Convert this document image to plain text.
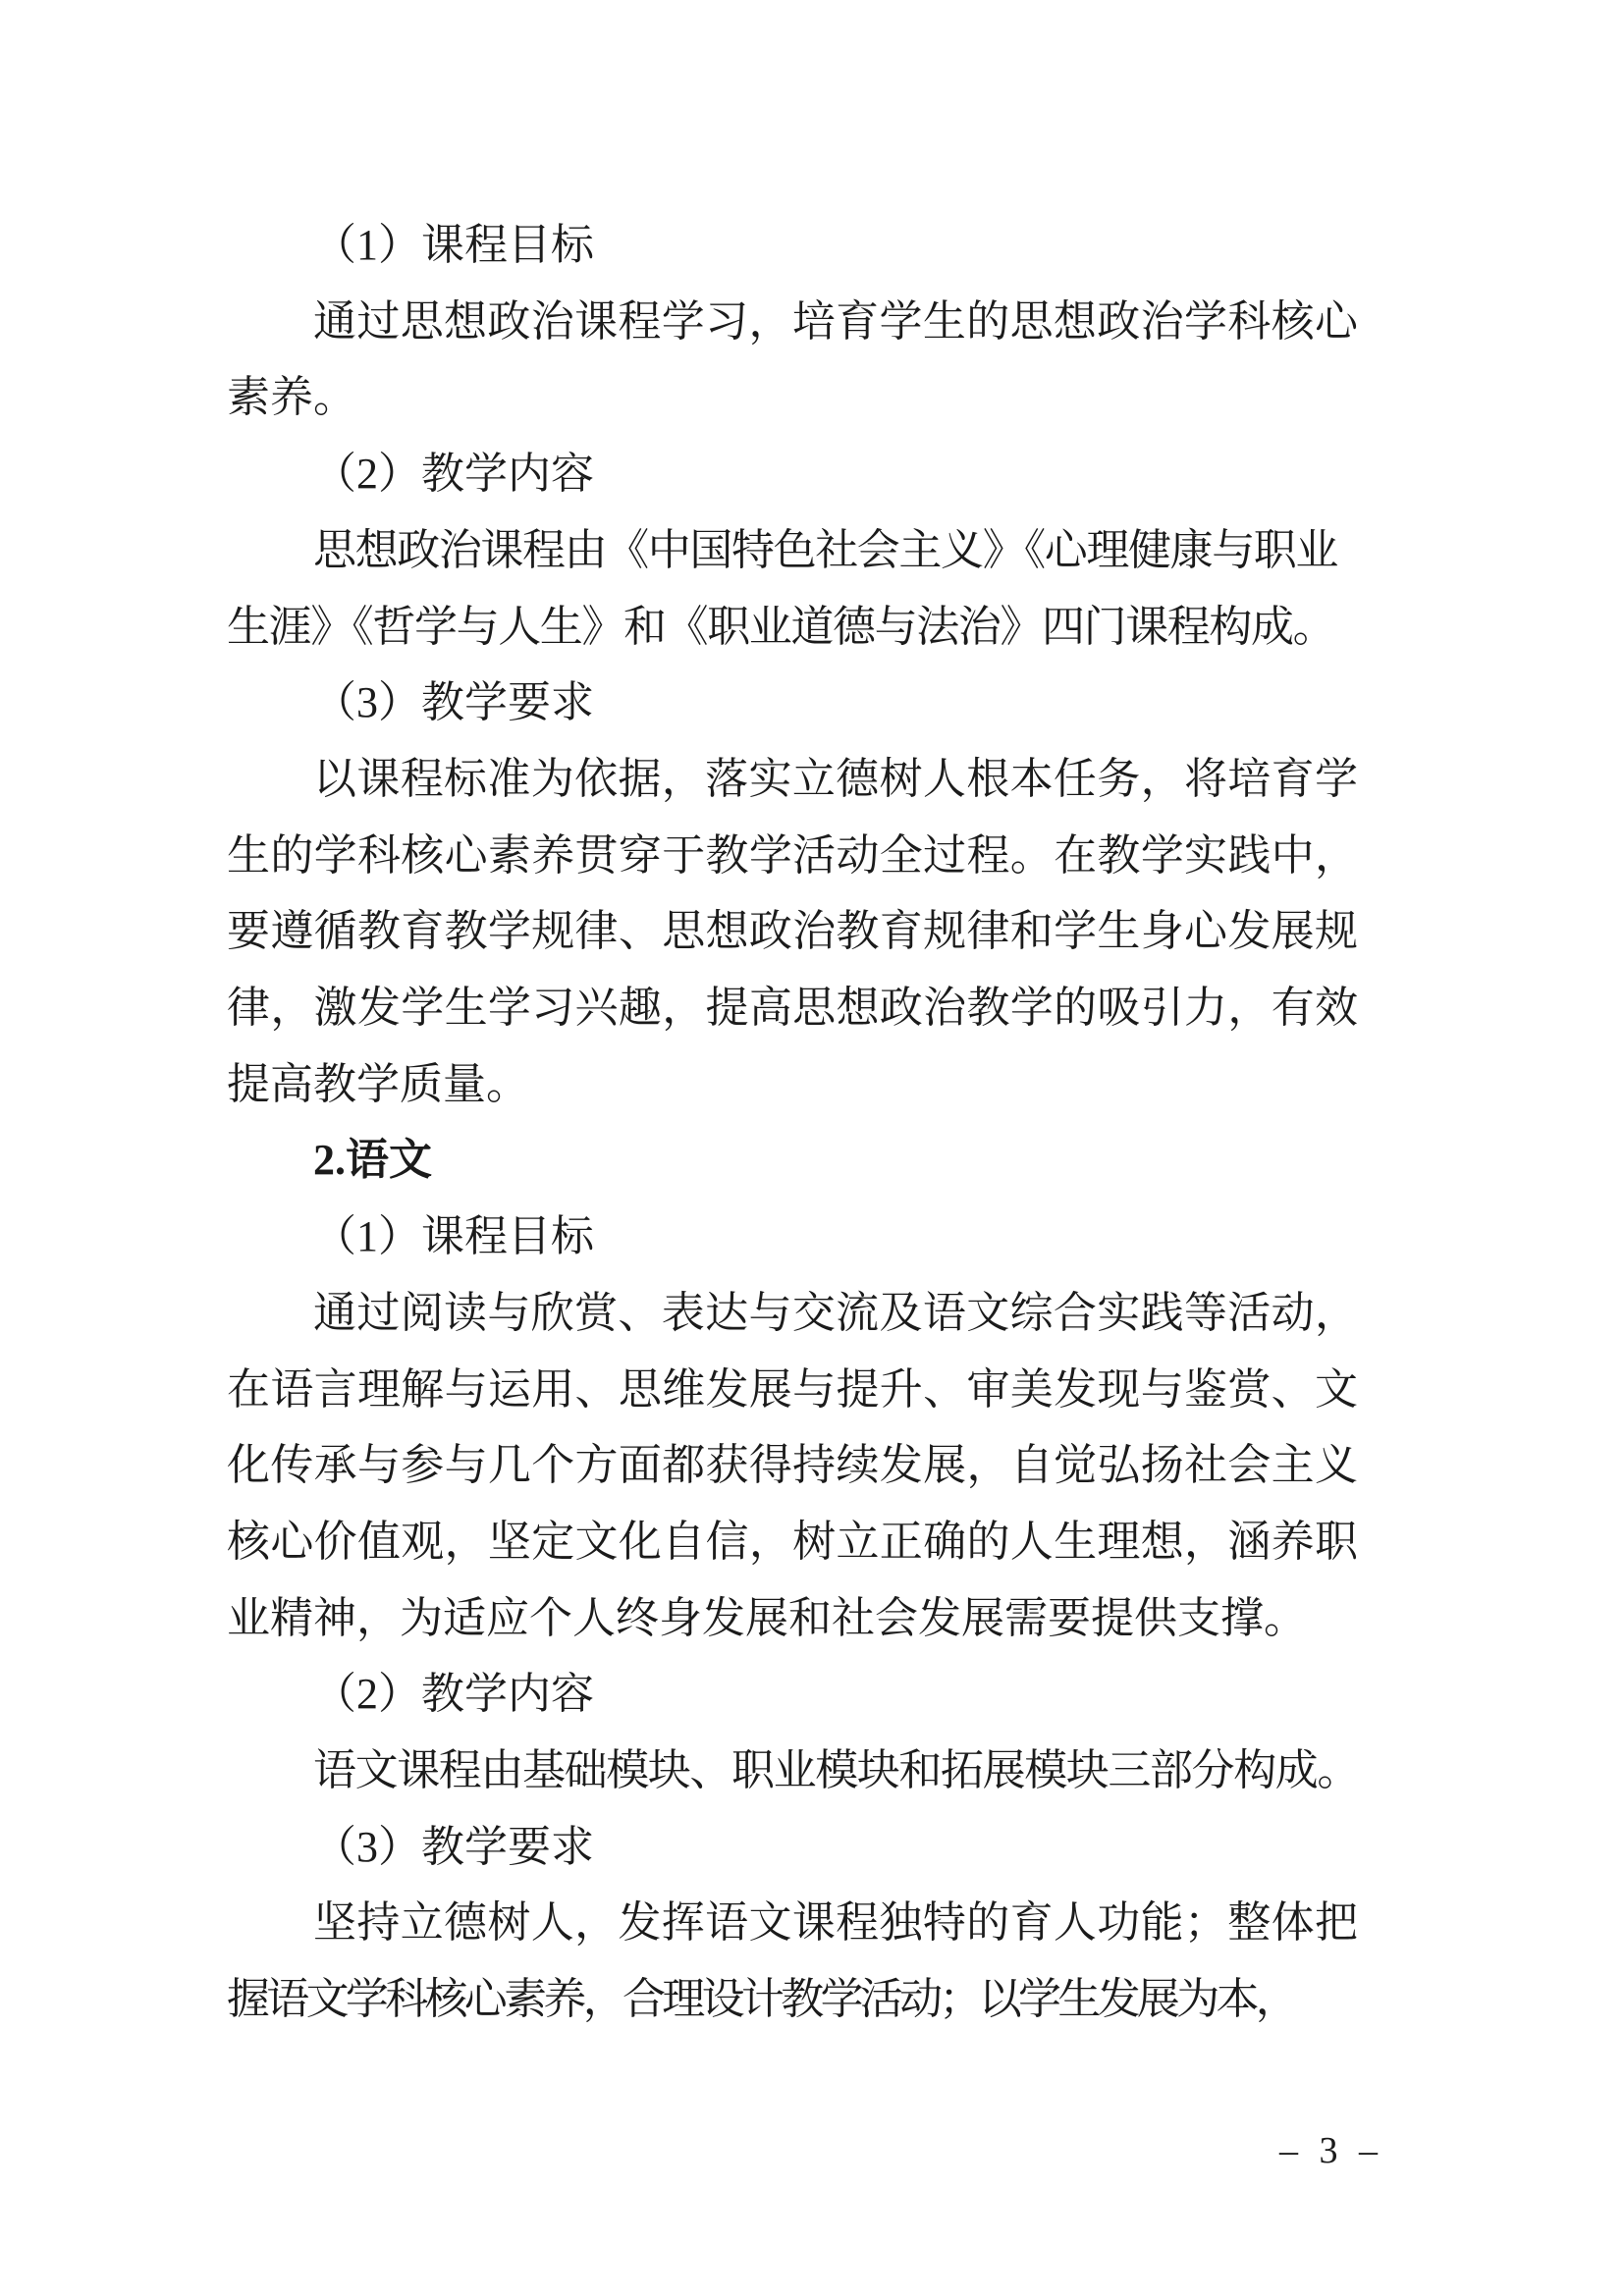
（1）课程目标
通过思想政治课程学习，培育学生的思想政治学科核心
素养。
（2）教学内容
思想政治课程由《中国特色社会主义》《心理健康与职业
生涯》《哲学与人生》和《职业道德与法治》四门课程构成。
（3）教学要求
以课程标准为依据，落实立德树人根本任务，将培育学
生的学科核心素养贯穿于教学活动全过程。在教学实践中，
要遵循教育教学规律、思想政治教育规律和学生身心发展规
律，激发学生学习兴趣，提高思想政治教学的吸引力，有效
提高教学质量。
2.语文
（1）课程目标
通过阅读与欣赏、表达与交流及语文综合实践等活动，
在语言理解与运用、思维发展与提升、审美发现与鉴赏、文
化传承与参与几个方面都获得持续发展，自觉弘扬社会主义
核心价值观，坚定文化自信，树立正确的人生理想，涵养职
业精神，为适应个人终身发展和社会发展需要提供支撑。
（2）教学内容
语文课程由基础模块、职业模块和拓展模块三部分构成。
（3）教学要求
坚持立德树人，发挥语文课程独特的育人功能；整体把
握语文学科核心素养，合理设计教学活动；以学生发展为本，
– 3 –
